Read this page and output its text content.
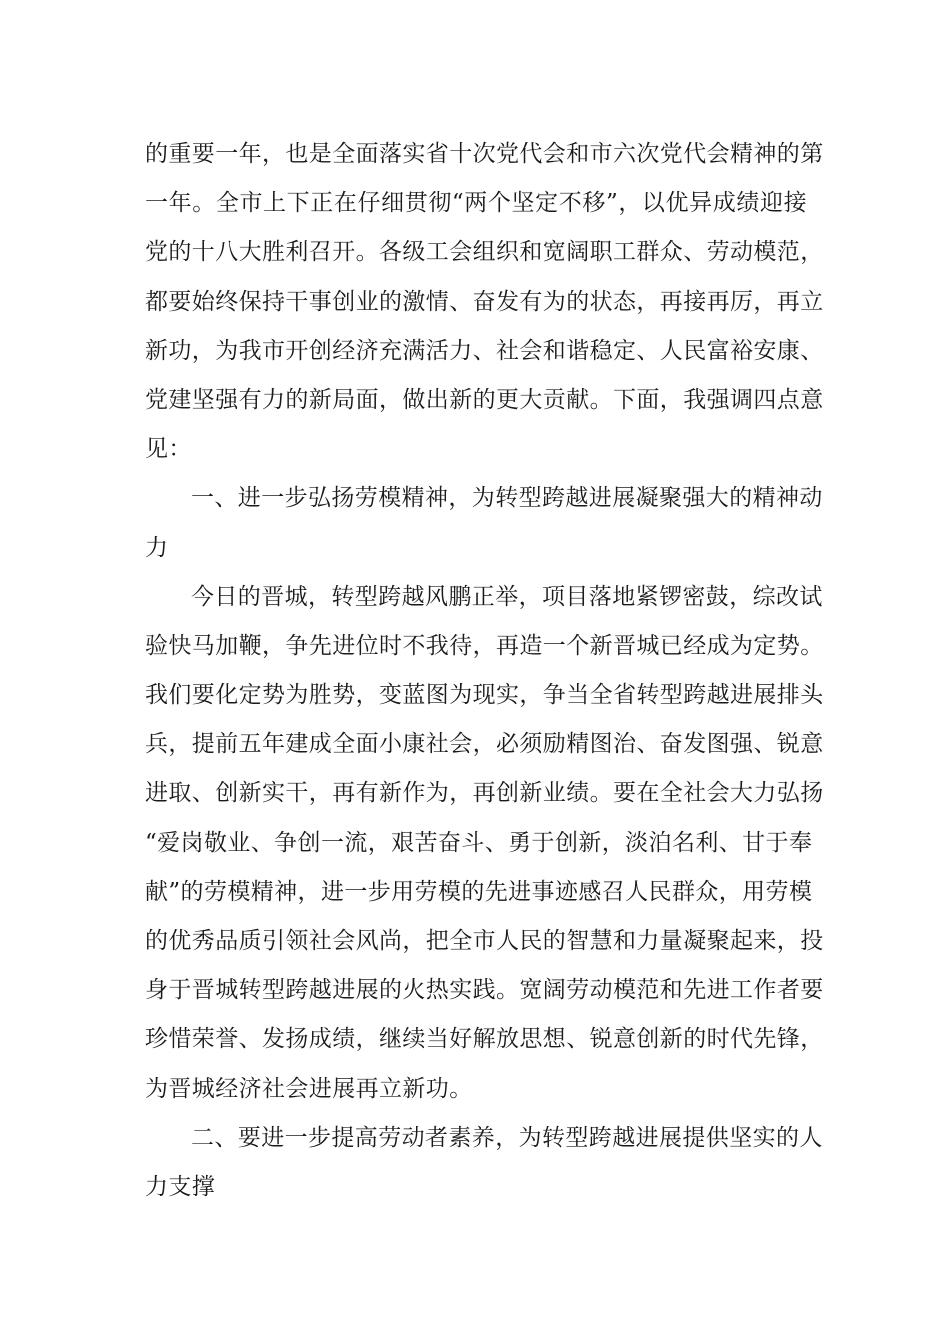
的重要一年，也是全面落实省十次党代会和市六次党代会精神的第
一年。全市上下正在仔细贯彻“两个坚定不移”，以优异成绩迎接
党的十八大胜利召开。各级工会组织和宽阔职工群众、劳动模范，
都要始终保持干事创业的激情、奋发有为的状态，再接再厉，再立
新功，为我市开创经济充满活力、社会和谐稳定、人民富裕安康、
党建坚强有力的新局面，做出新的更大贡献。下面，我强调四点意
见：
一、进一步弘扬劳模精神，为转型跨越进展凝聚强大的精神动
力
今日的晋城，转型跨越风鹏正举，项目落地紧锣密鼓，综改试
验快马加鞭，争先进位时不我待，再造一个新晋城已经成为定势。
我们要化定势为胜势，变蓝图为现实，争当全省转型跨越进展排头
兵，提前五年建成全面小康社会，必须励精图治、奋发图强、锐意
进取、创新实干，再有新作为，再创新业绩。要在全社会大力弘扬
“爱岗敬业、争创一流，艰苦奋斗、勇于创新，淡泊名利、甘于奉
献”的劳模精神，进一步用劳模的先进事迹感召人民群众，用劳模
的优秀品质引领社会风尚，把全市人民的智慧和力量凝聚起来，投
身于晋城转型跨越进展的火热实践。宽阔劳动模范和先进工作者要
珍惜荣誉、发扬成绩，继续当好解放思想、锐意创新的时代先锋，
为晋城经济社会进展再立新功。
二、要进一步提高劳动者素养，为转型跨越进展提供坚实的人
力支撑
